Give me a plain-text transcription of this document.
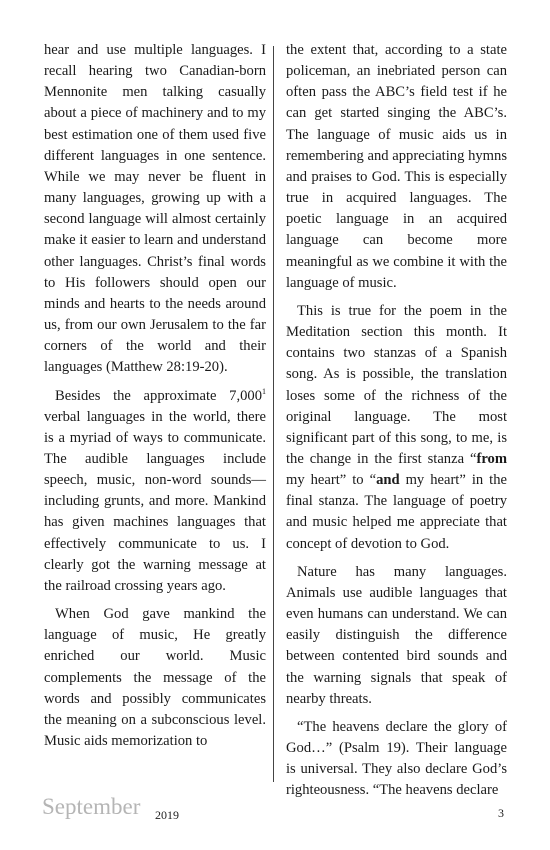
hear and use multiple languages. I recall hearing two Canadian-born Mennonite men talking casually about a piece of machinery and to my best estimation one of them used five different languages in one sentence. While we may never be fluent in many languages, growing up with a second language will almost certainly make it easier to learn and understand other languages. Christ’s final words to His followers should open our minds and hearts to the needs around us, from our own Jerusalem to the far corners of the world and their languages (Matthew 28:19-20).

Besides the approximate 7,000$^1$ verbal languages in the world, there is a myriad of ways to communicate. The audible languages include speech, music, non-word sounds—including grunts, and more. Mankind has given machines languages that effectively communicate to us. I clearly got the warning message at the railroad crossing years ago.

When God gave mankind the language of music, He greatly enriched our world. Music complements the message of the words and possibly communicates the meaning on a subconscious level. Music aids memorization to

the extent that, according to a state policeman, an inebriated person can often pass the ABC’s field test if he can get started singing the ABC’s. The language of music aids us in remembering and appreciating hymns and praises to God. This is especially true in acquired languages. The poetic language in an acquired language can become more meaningful as we combine it with the language of music.

This is true for the poem in the Meditation section this month. It contains two stanzas of a Spanish song. As is possible, the translation loses some of the richness of the original language. The most significant part of this song, to me, is the change in the first stanza “from my heart” to “and my heart” in the final stanza. The language of poetry and music helped me appreciate that concept of devotion to God.

Nature has many languages. Animals use audible languages that even humans can understand. We can easily distinguish the difference between contented bird sounds and the warning signals that speak of nearby threats.

“The heavens declare the glory of God…” (Psalm 19). Their language is universal. They also declare God’s righteousness. “The heavens declare

September 2019	3
